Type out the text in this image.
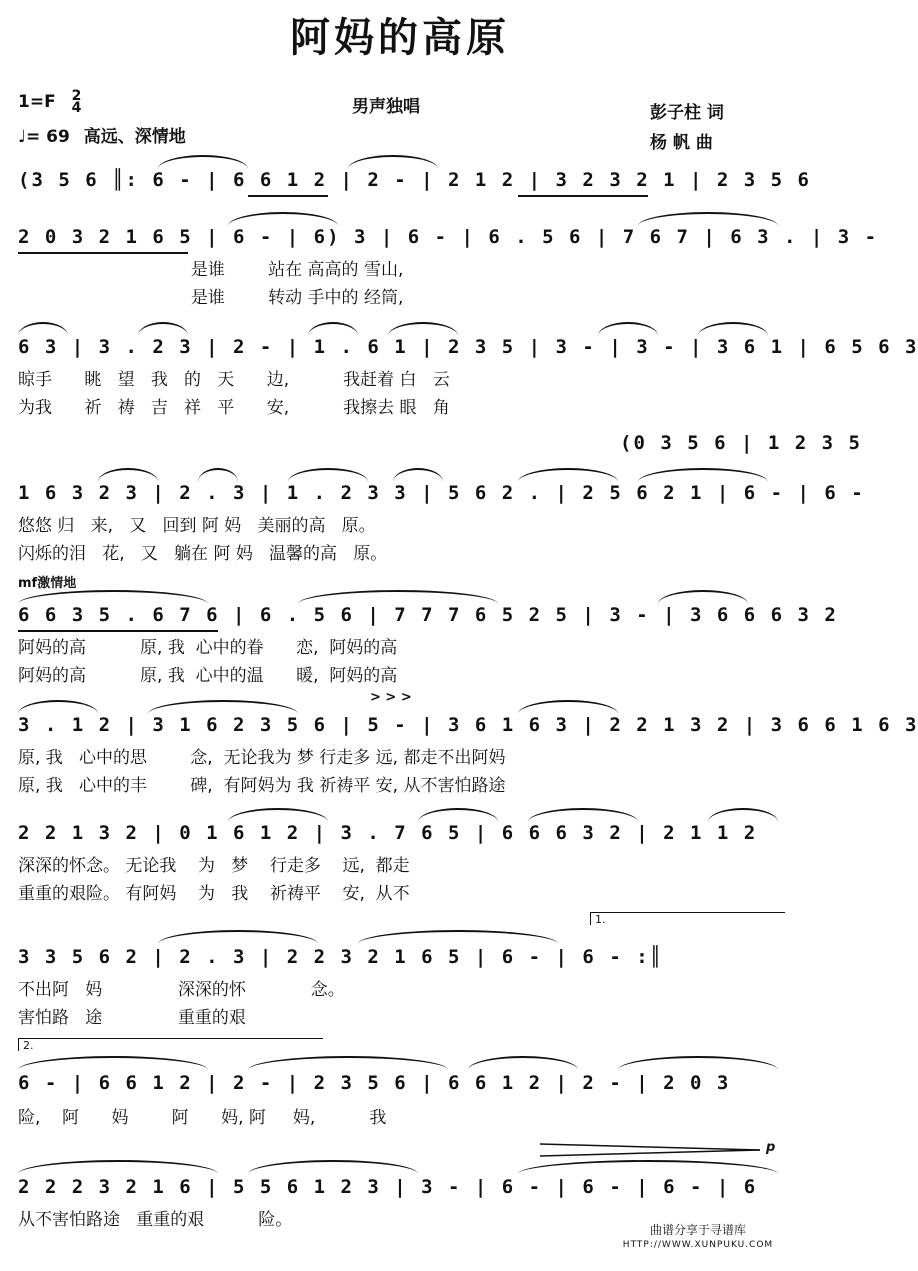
阿妈的高原
1=F 2
4	男声独唱	彭子柱 词
杨 帆 曲
♩= 69 高远、深情地
(3 5 6 ║: 6 - | 6 6 1 2 | 2 - | 2 1 2 | 3 2 3 2 1 | 2 3 5 6
2 0 3 2 1 6 5 | 6 - | 6) 3 | 6 - | 6 . 5 6 | 7 6 7 | 6 3 . | 3 -
是谁        站在 高高的 雪山,
是谁        转动 手中的 经筒,
6 3 | 3 . 2 3 | 2 - | 1 . 6 1 | 2 3 5 | 3 - | 3 - | 3 6 1 | 6 5 6 3
晾手      眺   望   我   的   天      边,          我赶着 白   云
为我      祈   祷   吉   祥   平      安,          我擦去 眼   角
(0 3 5 6 | 1 2 3 5
1 6 3 2 3 | 2 . 3 | 1 . 2 3 3 | 5 6 2 . | 2 5 6 2 1 | 6 - | 6 -
悠悠 归   来,   又   回到 阿 妈   美丽的高   原。
闪烁的泪   花,   又   躺在 阿 妈   温馨的高   原。
mf激情地
6 6 3 5 . 6 7 6 | 6 . 5 6 | 7 7 7 6 5 2 5 | 3 - | 3 6 6 6 3 2
阿妈的高          原, 我  心中的眷      恋,  阿妈的高
阿妈的高          原, 我  心中的温      暖,  阿妈的高
> > >
3 . 1 2 | 3 1 6 2 3 5 6 | 5 - | 3 6 1 6 3 | 2 2 1 3 2 | 3 6 6 1 6 3
原, 我   心中的思        念,  无论我为 梦 行走多 远, 都走不出阿妈
原, 我   心中的丰        碑,  有阿妈为 我 祈祷平 安, 从不害怕路途
2 2 1 3 2 | 0 1 6 1 2 | 3 . 7 6 5 | 6 6 6 3 2 | 2 1 1 2
深深的怀念。 无论我    为   梦    行走多    远,  都走
重重的艰险。 有阿妈    为   我    祈祷平    安,  从不
1.
3 3 5 6 2 | 2 . 3 | 2 2 3 2 1 6 5 | 6 - | 6 - :║
不出阿   妈              深深的怀            念。
害怕路   途              重重的艰
2.
6 - | 6 6 1 2 | 2 - | 2 3 5 6 | 6 6 1 2 | 2 - | 2 0 3
险,    阿      妈        阿      妈, 阿     妈,          我
p
2 2 2 3 2 1 6 | 5 5 6 1 2 3 | 3 - | 6 - | 6 - | 6 - | 6
从不害怕路途   重重的艰          险。	曲谱分享于寻谱库
HTTP://WWW.XUNPUKU.COM
